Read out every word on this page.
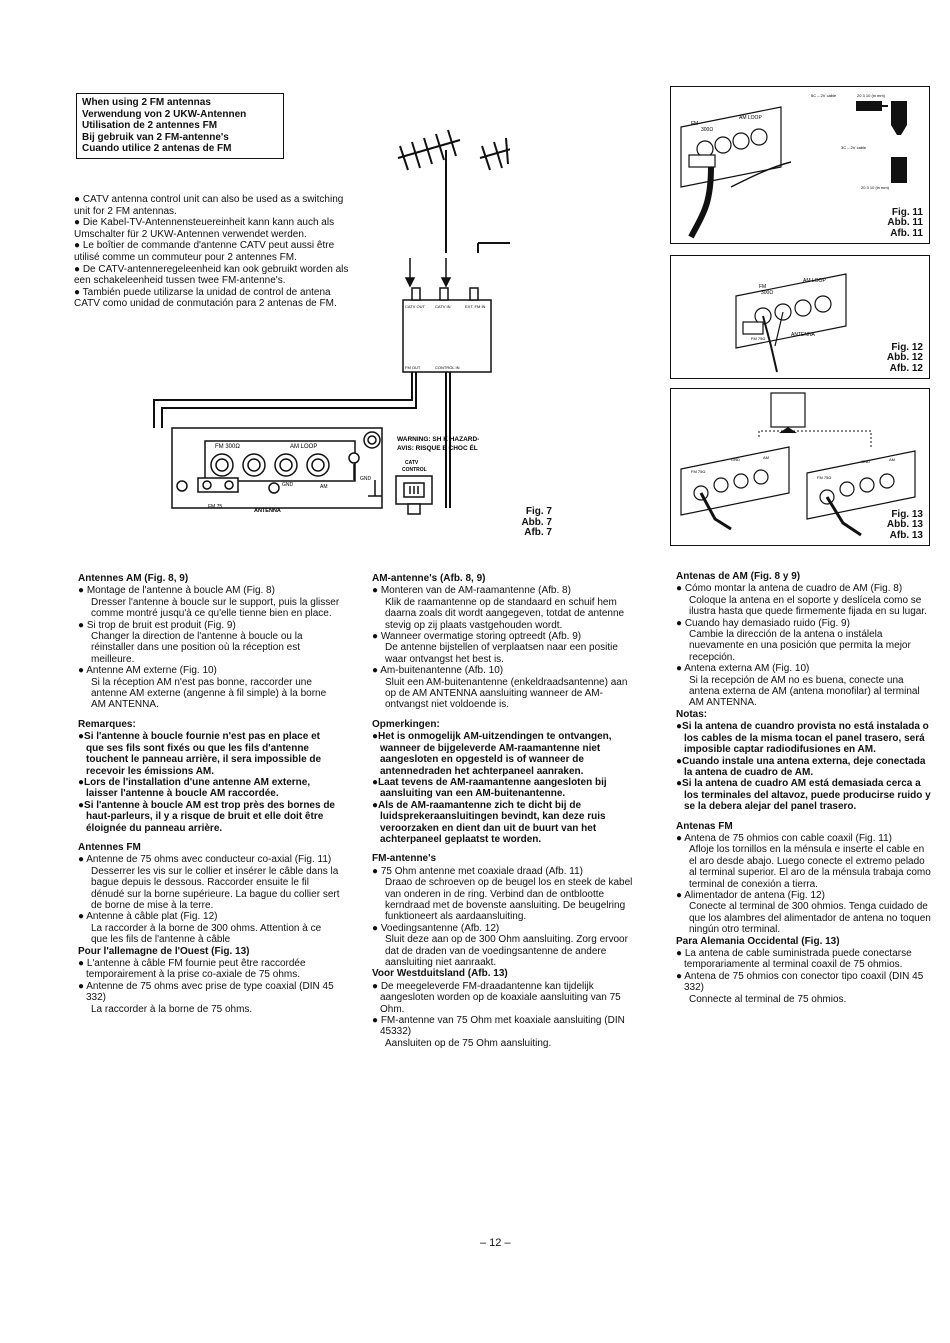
When using 2 FM antennas
Verwendung von 2 UKW-Antennen
Utilisation de 2 antennes FM
Bij gebruik van 2 FM-antenne's
Cuando utilice 2 antenas de FM

● CATV antenna control unit can also be used as a switching unit for 2 FM antennas.

● Die Kabel-TV-Antennensteuereinheit kann kann auch als Umschalter für 2 UKW-Antennen verwendet werden.

● Le boîtier de commande d'antenne CATV peut aussi être utilisé comme un commuteur pour 2 antennes FM.

● De CATV-antenneregeleenheid kan ook gebruikt worden als een schakeleenheid tussen twee FM-antenne's.

● También puede utilizarse la unidad de control de antena CATV como unidad de conmutación para 2 antenas de FM.	CATV OUT	CATV IN	EXT. FM IN
FM OUT	CONTROL IN
FM 300Ω	AM LOOP
GND	AM
FM 75
ANTENNA
GND
WARNING: SH K HAZARD-
AVIS: RISQUE E CHOC ÉL
CATV
CONTROL
Fig. 7
Abb. 7
Afb. 7
FM
300Ω
AM LOOP
5C – 2V cable	20 3 10 (in mm)
3C – 2V cable
20 3 10 (in mm)
Fig. 11
Abb. 11
Afb. 11
FM
300Ω
AM LOOP
FM 75Ω
ANTENNA
Fig. 12
Abb. 12
Afb. 12
FM 75Ω
GND	AM
FM 75Ω
GND	AM
Fig. 13
Abb. 13
Afb. 13
Antennes AM (Fig. 8, 9)

● Montage de l'antenne à boucle AM (Fig. 8)

Dresser l'antenne à boucle sur le support, puis la glisser comme montré jusqu'à ce qu'elle tienne bien en place.

● Si trop de bruit est produit (Fig. 9)

Changer la direction de l'antenne à boucle ou la réinstaller dans une position où la réception est meilleure.

● Antenne AM externe (Fig. 10)

Si la réception AM n'est pas bonne, raccorder une antenne AM externe (angenne à fil simple) à la borne AM ANTENNA.

Remarques:

●Si l'antenne à boucle fournie n'est pas en place et que ses fils sont fixés ou que les fils d'antenne touchent le panneau arrière, il sera impossible de recevoir les émissions AM.

●Lors de l'installation d'une antenne AM externe, laisser l'antenne à boucle AM raccordée.

●Si l'antenne à boucle AM est trop près des bornes de haut-parleurs, il y a risque de bruit et elle doit être éloignée du panneau arrière.

Antennes FM

● Antenne de 75 ohms avec conducteur co-axial (Fig. 11)

Desserrer les vis sur le collier et insérer le câble dans la bague depuis le dessous. Raccorder ensuite le fil dénudé sur la borne supérieure. La bague du collier sert de borne de mise à la terre.

● Antenne à câble plat (Fig. 12)

La raccorder à la borne de 300 ohms. Attention à ce que les fils de l'antenne à câble

Pour l'allemagne de l'Ouest (Fig. 13)

● L'antenne à câble FM fournie peut être raccordée temporairement à la prise co-axiale de 75 ohms.

● Antenne de 75 ohms avec prise de type coaxial (DIN 45 332)

La raccorder à la borne de 75 ohms.

AM-antenne's (Afb. 8, 9)

● Monteren van de AM-raamantenne (Afb. 8)

Klik de raamantenne op de standaard en schuif hem daarna zoals dit wordt aangegeven, totdat de antenne stevig op zij plaats vastgehouden wordt.

● Wanneer overmatige storing optreedt (Afb. 9)

De antenne bijstellen of verplaatsen naar een positie waar ontvangst het best is.

● Am-buitenantenne (Afb. 10)

Sluit een AM-buitenantenne (enkeldraadsantenne) aan op de AM ANTENNA aansluiting wanneer de AM-ontvangst niet voldoende is.

Opmerkingen:

●Het is onmogelijk AM-uitzendingen te ontvangen, wanneer de bijgeleverde AM-raamantenne niet aangesloten en opgesteld is of wanneer de antennedraden het achterpaneel aanraken.

●Laat tevens de AM-raamantenne aangesloten bij aansluiting van een AM-buitenantenne.

●Als de AM-raamantenne zich te dicht bij de luidsprekeraansluitingen bevindt, kan deze ruis veroorzaken en dient dan uit de buurt van het achterpaneel geplaatst te worden.

FM-antenne's

● 75 Ohm antenne met coaxiale draad (Afb. 11)

Draao de schroeven op de beugel los en steek de kabel van onderen in de ring. Verbind dan de ontblootte kerndraad met de bovenste aansluiting. De beugelring funktioneert als aardaansluiting.

● Voedingsantenne (Afb. 12)

Sluit deze aan op de 300 Ohm aansluiting. Zorg ervoor dat de draden van de voedingsantenne de andere aansluiting niet aanraakt.

Voor Westduitsland (Afb. 13)

● De meegeleverde FM-draadantenne kan tijdelijk aangesloten worden op de koaxiale aansluiting van 75 Ohm.

● FM-antenne van 75 Ohm met koaxiale aansluiting (DIN 45332)

Aansluiten op de 75 Ohm aansluiting.

Antenas de AM (Fig. 8 y 9)

● Cómo montar la antena de cuadro de AM (Fig. 8)

Coloque la antena en el soporte y deslícela como se ilustra hasta que quede firmemente fijada en su lugar.

● Cuando hay demasiado ruido (Fig. 9)

Cambie la dirección de la antena o instálela nuevamente en una posición que permita la mejor recepción.

● Antena externa AM (Fig. 10)

Si la recepción de AM no es buena, conecte una antena externa de AM (antena monofilar) al terminal AM ANTENNA.

Notas:

●Si la antena de cuandro provista no está instalada o los cables de la misma tocan el panel trasero, será imposible captar radiodifusiones en AM.

●Cuando instale una antena externa, deje conectada la antena de cuadro de AM.

●Si la antena de cuadro AM está demasiada cerca a los terminales del altavoz, puede producirse ruido y se la debera alejar del panel trasero.

Antenas FM

● Antena de 75 ohmios con cable coaxil (Fig. 11)

Afloje los tornillos en la ménsula e inserte el cable en el aro desde abajo. Luego conecte el extremo pelado al terminal superior. El aro de la ménsula trabaja como terminal de conexión a tierra.

● Alimentador de antena (Fig. 12)

Conecte al terminal de 300 ohmios. Tenga cuidado de que los alambres del alimentador de antena no toquen ningún otro terminal.

Para Alemania Occidental (Fig. 13)

● La antena de cable suministrada puede conectarse temporariamente al terminal coaxil de 75 ohmios.

● Antena de 75 ohmios con conector tipo coaxil (DIN 45 332)

Connecte al terminal de 75 ohmios.

– 12 –
